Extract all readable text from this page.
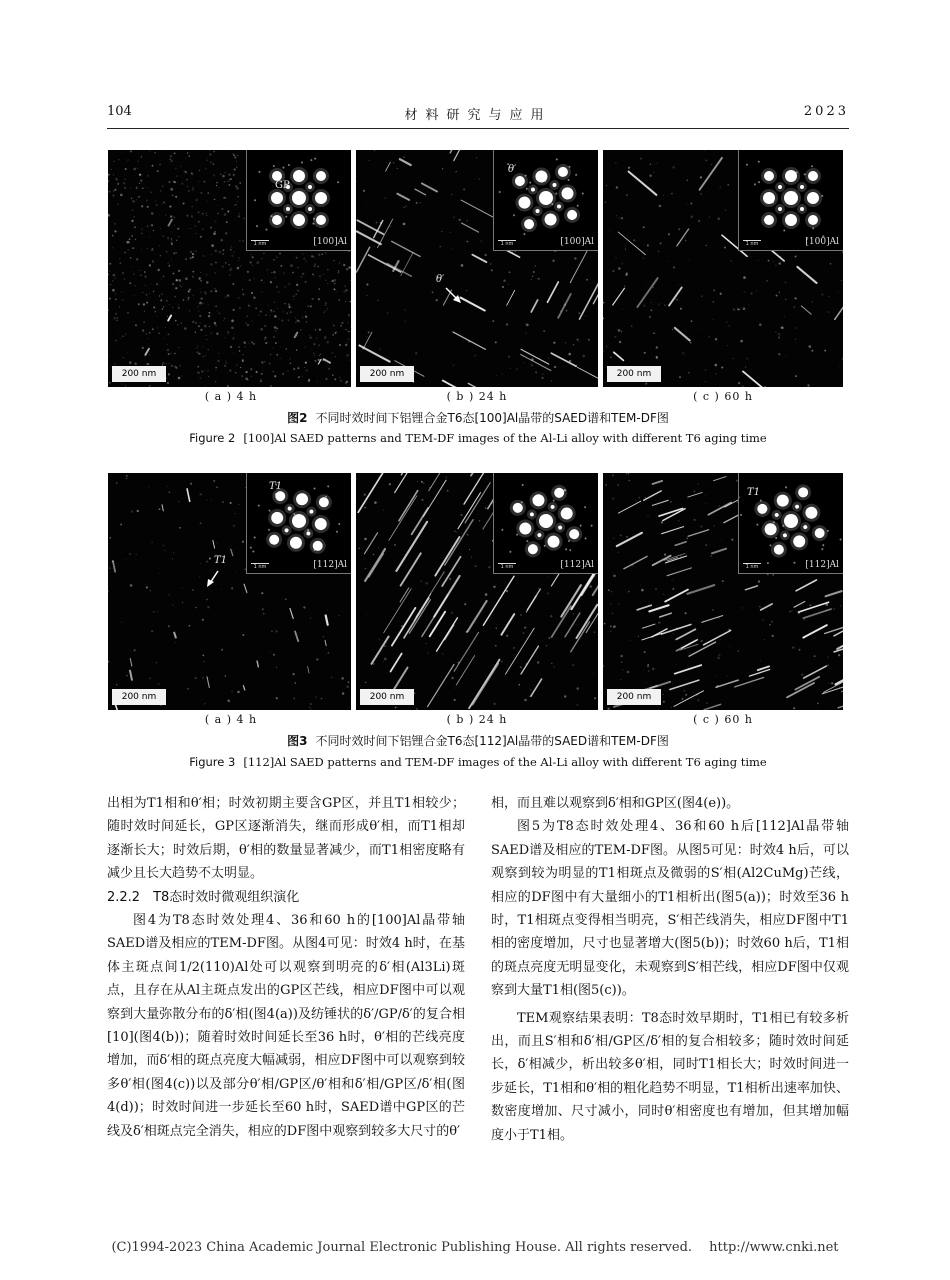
104	材料研究与应用	2023
1 nm	[100]Al
GP
200 nm
1 nm	[100]Al
θ′
θ′
200 nm
1 nm	[100]Al
200 nm
( a ) 4 h	( b ) 24 h	( c ) 60 h
图2 不同时效时间下铝锂合金T6态[100]Al晶带的SAED谱和TEM-DF图
Figure 2 [100]Al SAED patterns and TEM-DF images of the Al-Li alloy with different T6 aging time
1 nm	[112]Al
T1
T1
200 nm
1 nm	[112]Al
200 nm
1 nm	[112]Al
T1
200 nm
( a ) 4 h	( b ) 24 h	( c ) 60 h
图3 不同时效时间下铝锂合金T6态[112]Al晶带的SAED谱和TEM-DF图
Figure 3 [112]Al SAED patterns and TEM-DF images of the Al-Li alloy with different T6 aging time

出相为T1相和θ′相；时效初期主要含GP区，并且T1相较少；随时效时间延长，GP区逐渐消失，继而形成θ′相，而T1相却逐渐长大；时效后期，θ′相的数量显著减少，而T1相密度略有减少且长大趋势不太明显。

2.2.2　T8态时效时微观组织演化

图4为T8态时效处理4、36和60 h的[100]Al晶带轴SAED谱及相应的TEM-DF图。从图4可见：时效4 h时，在基体主斑点间1/2(110)Al处可以观察到明亮的δ′相(Al3Li)斑点，且存在从Al主斑点发出的GP区芒线，相应DF图中可以观察到大量弥散分布的δ′相(图4(a))及纺锤状的δ′/GP/δ′的复合相[10](图4(b))；随着时效时间延长至36 h时，θ′相的芒线亮度增加，而δ′相的斑点亮度大幅减弱，相应DF图中可以观察到较多θ′相(图4(c))以及部分θ′相/GP区/θ′相和δ′相/GP区/δ′相(图4(d))；时效时间进一步延长至60 h时，SAED谱中GP区的芒线及δ′相斑点完全消失，相应的DF图中观察到较多大尺寸的θ′

相，而且难以观察到δ′相和GP区(图4(e))。

图5为T8态时效处理4、36和60 h后[112]Al晶带轴SAED谱及相应的TEM-DF图。从图5可见：时效4 h后，可以观察到较为明显的T1相斑点及微弱的S′相(Al2CuMg)芒线，相应的DF图中有大量细小的T1相析出(图5(a))；时效至36 h时，T1相斑点变得相当明亮，S′相芒线消失，相应DF图中T1相的密度增加，尺寸也显著增大(图5(b))；时效60 h后，T1相的斑点亮度无明显变化，未观察到S′相芒线，相应DF图中仅观察到大量T1相(图5(c))。

TEM观察结果表明：T8态时效早期时，T1相已有较多析出，而且S′相和δ′相/GP区/δ′相的复合相较多；随时效时间延长，δ′相减少，析出较多θ′相，同时T1相长大；时效时间进一步延长，T1相和θ′相的粗化趋势不明显，T1相析出速率加快、数密度增加、尺寸减小，同时θ′相密度也有增加，但其增加幅度小于T1相。

(C)1994-2023 China Academic Journal Electronic Publishing House. All rights reserved.　 http://www.cnki.net
